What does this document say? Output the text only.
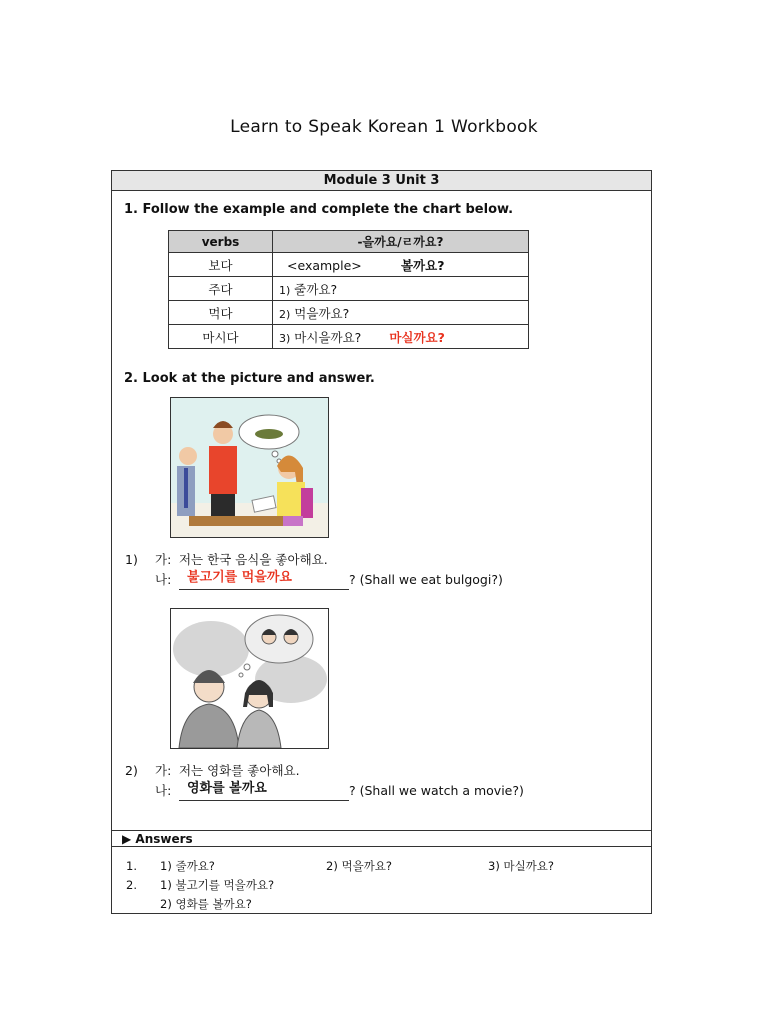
Learn to Speak Korean 1 Workbook
Module 3 Unit 3
1. Follow the example and complete the chart below.
verbs	-을까요/ㄹ까요?
보다	<example> 볼까요?
주다	1) 줄까요?
먹다	2) 먹을까요?
마시다	3) 마시을까요? 마실까요?
2. Look at the picture and answer.
1) 가: 저는 한국 음식을 좋아해요.
나: 불고기를 먹을까요	? (Shall we eat bulgogi?)
2) 가: 저는 영화를 좋아해요.
나: 영화를 볼까요	? (Shall we watch a movie?)
▶ Answers
1. 1) 줄까요?	2) 먹을까요?	3) 마실까요?
2. 1) 불고기를 먹을까요?
2) 영화를 볼까요?
